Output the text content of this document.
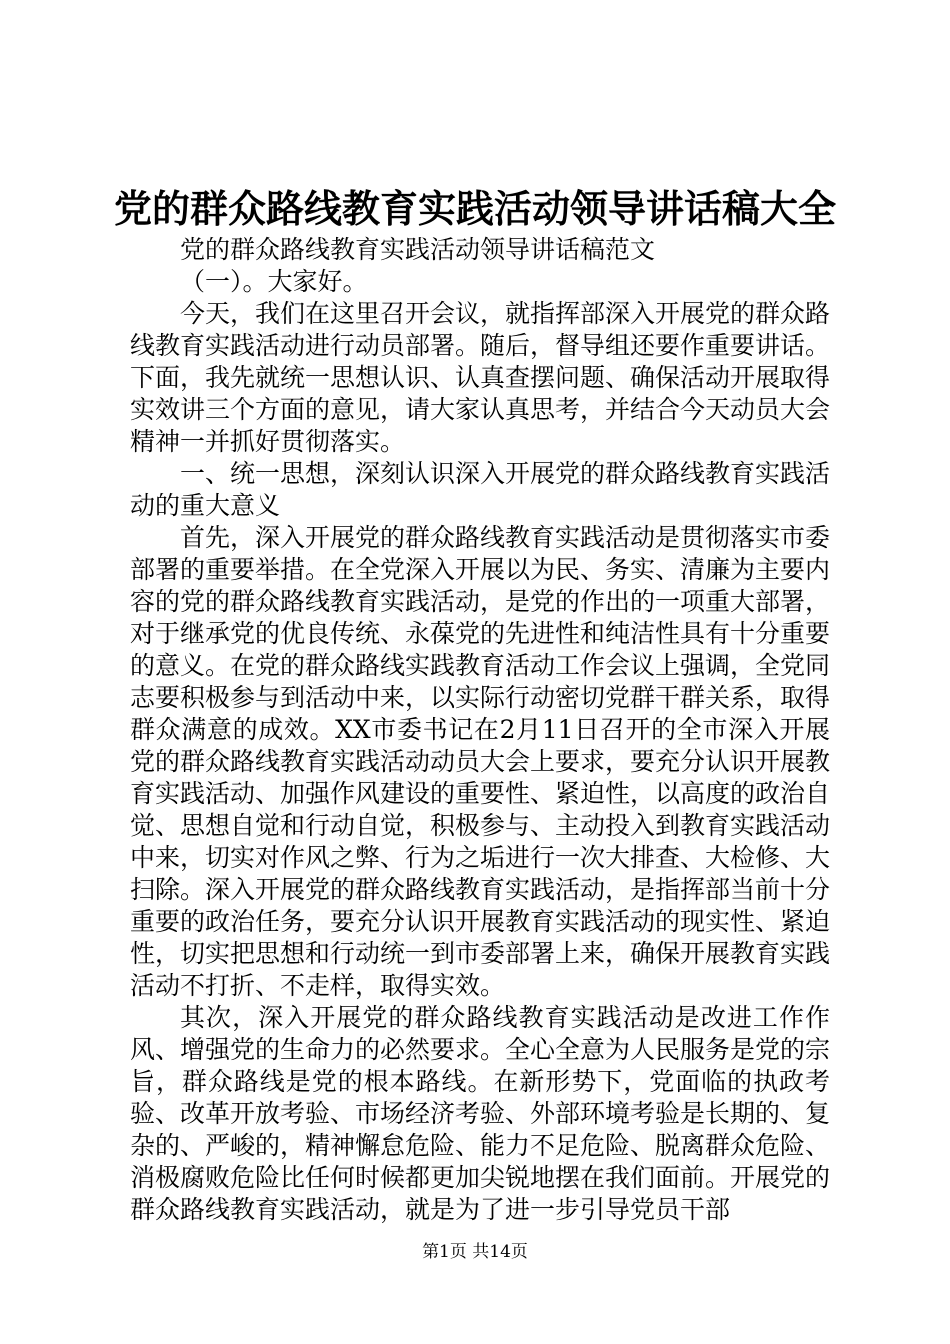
党的群众路线教育实践活动领导讲话稿大全

党的群众路线教育实践活动领导讲话稿范文

（一）。大家好。

今天，我们在这里召开会议，就指挥部深入开展党的群众路线教育实践活动进行动员部署。随后，督导组还要作重要讲话。下面，我先就统一思想认识、认真查摆问题、确保活动开展取得实效讲三个方面的意见，请大家认真思考，并结合今天动员大会精神一并抓好贯彻落实。

一、统一思想，深刻认识深入开展党的群众路线教育实践活动的重大意义

首先，深入开展党的群众路线教育实践活动是贯彻落实市委部署的重要举措。在全党深入开展以为民、务实、清廉为主要内容的党的群众路线教育实践活动，是党的作出的一项重大部署，对于继承党的优良传统、永葆党的先进性和纯洁性具有十分重要的意义。在党的群众路线实践教育活动工作会议上强调，全党同志要积极参与到活动中来，以实际行动密切党群干群关系，取得群众满意的成效。XX市委书记在2月11日召开的全市深入开展党的群众路线教育实践活动动员大会上要求，要充分认识开展教育实践活动、加强作风建设的重要性、紧迫性，以高度的政治自觉、思想自觉和行动自觉，积极参与、主动投入到教育实践活动中来，切实对作风之弊、行为之垢进行一次大排查、大检修、大扫除。深入开展党的群众路线教育实践活动，是指挥部当前十分重要的政治任务，要充分认识开展教育实践活动的现实性、紧迫性，切实把思想和行动统一到市委部署上来，确保开展教育实践活动不打折、不走样，取得实效。

其次，深入开展党的群众路线教育实践活动是改进工作作风、增强党的生命力的必然要求。全心全意为人民服务是党的宗旨，群众路线是党的根本路线。在新形势下，党面临的执政考验、改革开放考验、市场经济考验、外部环境考验是长期的、复杂的、严峻的，精神懈怠危险、能力不足危险、脱离群众危险、消极腐败危险比任何时候都更加尖锐地摆在我们面前。开展党的群众路线教育实践活动，就是为了进一步引导党员干部

第1页 共14页
